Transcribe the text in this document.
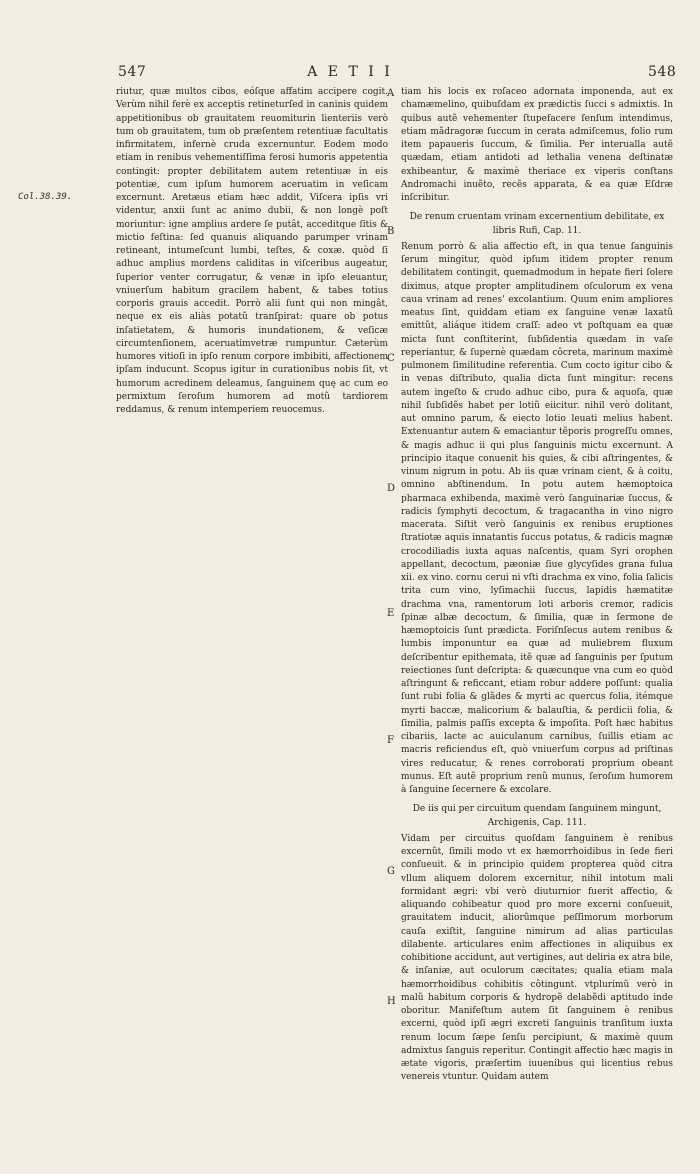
547	A E T I I	548
Col.38.39.
A
B
C
D
E
F
G
H

riutur, quæ multos cibos, eóſque affatim accipere cogit. Verùm nihil ferè ex acceptis retineturſed in caninis quidem appetitionibus ob grauitatem reuomiturin lienteriis verò tum ob grauitatem, tum ob præſentem retentiuæ facultatis infirmitatem, infernè cruda excernuntur. Eodem modo etiam in renibus vehementiſſima ferosi humoris appetentia contingit: propter debilitatem autem retentiuæ in eis potentiæ, cum ipſum humorem aceruatim in veſicam excernunt. Aretæus etiam hæc addit, Viſcera ipſis vri videntur, anxii ſunt ac animo dubii, & non longè poſt moriuntur: igne amplius ardere ſe putât, acceditque ſitis & mictio feſtina: ſed quanuis aliquando parumper vrinam retineant, intumeſcunt lumbi, teſtes, & coxæ. quòd ſi adhuc amplius mordens caliditas in viſceribus augeatur, ſuperior venter corrugatur, & venæ in ipſo eleuantur, vniuerſum habitum gracilem habent, & tabes totius corporis grauis accedit. Porrò alii ſunt qui non mingât, neque ex eis aliàs potatũ tranſpirat: quare ob potus inſatietatem, & humoris inundationem, & veſicæ circumtenſionem, aceruatimvetræ rumpuntur. Cæterùm humores vitioſi in ipſo renum corpore imbibiti, affectionem ipſam inducunt. Scopus igitur in curationibus nobis ſit, vt humorum acredinem deleamus, ſanguinem quę ac cum eo permixtum ſeroſum humorem ad motũ tardiorem reddamus, & renum intemperiem reuocemus.

tiam his locis ex roſaceo adornata imponenda, aut ex chamæmelino, quibuſdam ex prædictis ſucci s admixtis. In quibus autẽ vehementer ſtupefacere ſenſum intendimus, etiam mãdragoræ ſuccum in cerata admiſcemus, folio rum item papaueris ſuccum, & ſimilia. Per interualla autẽ quædam, etiam antidoti ad lethalia venena deſtinatæ exhibeantur, & maximè theriace ex viperis conſtans Andromachi inuẽto, recẽs apparata, & ea quæ Eſdræ inſcribitur.

De renum cruentam vrinam excernentium debilitate, ex libris Rufi, Cap. 11.

Renum porrò & alia affectio eſt, in qua tenue ſanguinis ſerum mingitur, quòd ipſum itidem propter renum debilitatem contingit, quemadmodum in hepate fieri ſolere diximus, atque propter amplitudinem oſculorum ex vena caua vrinam ad renes' excolantium. Quum enim ampliores meatus ſint, quiddam etiam ex ſanguine venæ laxatũ emittũt, aliáque itidem craſſ: adeo vt poſtquam ea quæ micta ſunt conſtiterint, ſubſidentia quædam in vaſe reperiantur, & ſupernè quædam côcreta, marinum maximè pulmonem ſimilitudine referentia. Cum cocto igitur cibo & in venas diſtributo, qualia dicta ſunt mingitur: recens autem ingeſto & crudo adhuc cibo, pura & aquoſa, quæ nihil ſubſidẽs habet per lotiũ eiicitur. nihil verò dolitant, aut omnino parum, & eiecto lotio leuati melius habent. Extenuantur autem & emaciantur tẽporis progreſſu omnes, & magis adhuc ii qui plus ſanguinis mictu excernunt. A principio itaque conuenit his quies, & cibi aſtringentes, & vinum nigrum in potu. Ab iis quæ vrinam cient, & à coitu, omnino abſtinendum. In potu autem hæmoptoica pharmaca exhibenda, maximè verò ſanguinariæ ſuccus, & radicis ſymphyti decoctum, & tragacantha in vino nigro macerata. Siſtit verò ſanguinis ex renibus eruptiones ſtratiotæ aquis innatantis ſuccus potatus, & radicis magnæ crocodiliadis iuxta aquas naſcentis, quam Syri orophen appellant, decoctum, pæoniæ ſiue glycyſides grana fulua xii. ex vino. cornu cerui ni vſti drachma ex vino, folia ſalicis trita cum vino, lyſimachii ſuccus, lapidis hæmatitæ drachma vna, ramentorum loti arboris cremor, radicis ſpinæ albæ decoctum, & ſimilia, quæ in ſermone de hæmoptoicis ſunt prædicta. Foriſnſecus autem renibus & lumbis imponuntur ea quæ ad muliebrem fluxum deſcribentur epithemata, itẽ quæ ad ſanguinis per ſputum reiectiones ſunt deſcripta: & quæcunque vna cum eo quòd aſtringunt & reficcant, etiam robur addere poſſunt: qualia ſunt rubi folia & glãdes & myrti ac quercus folia, itémque myrti baccæ, malicorium & balauſtia, & perdicii folia, & ſimilia, palmis paſſis excepta & impoſita. Poſt hæc habitus cibariis, lacte ac auiculanum carnibus, ſuillis etiam ac macris reficiendus eſt, quò vniuerſum corpus ad priſtinas vires reducatur, & renes corroborati proprium obeant munus. Eſt autẽ proprium renũ munus, ſeroſum humorem à ſanguine ſecernere & excolare.

De iis qui per circuitum quendam ſanguinem mingunt, Archigenis, Cap. 111.

Vidam per circuitus quoſdam ſanguinem è renibus excernũt, ſimili modo vt ex hæmorrhoidibus in ſede fieri conſueuit. & in principio quidem propterea quòd citra vllum aliquem dolorem excernitur, nihil intotum mali formidant ægri: vbi verò diuturnior fuerit affectio, & aliquando cohibeatur quod pro more excerni conſueuit, grauitatem inducit, aliorũmque peſſimorum morborum cauſa exiſtit, ſanguine nimirum ad alias particulas dilabente. articulares enim affectiones in aliquibus ex cohibitione accidunt, aut vertigines, aut deliria ex atra bile, & inſaniæ, aut oculorum cæcitates; qualia etiam mala hæmorrhoidibus cohibitis côtingunt. vtplurimũ verò in malũ habitum corporis & hydropẽ delabẽdi aptitudo inde oboritur. Manifeſtum autem ſit ſanguinem è renibus excerni, quòd ipſi ægri excreti ſanguinis tranſitum iuxta renum locum ſæpe ſenſu percipiunt, & maximè quum admixtus ſanguis reperitur. Contingit affectio hæc magis in ætate vigoris, præſertim iuuenibus qui licentius rebus venereis vtuntur. Quidam autem
